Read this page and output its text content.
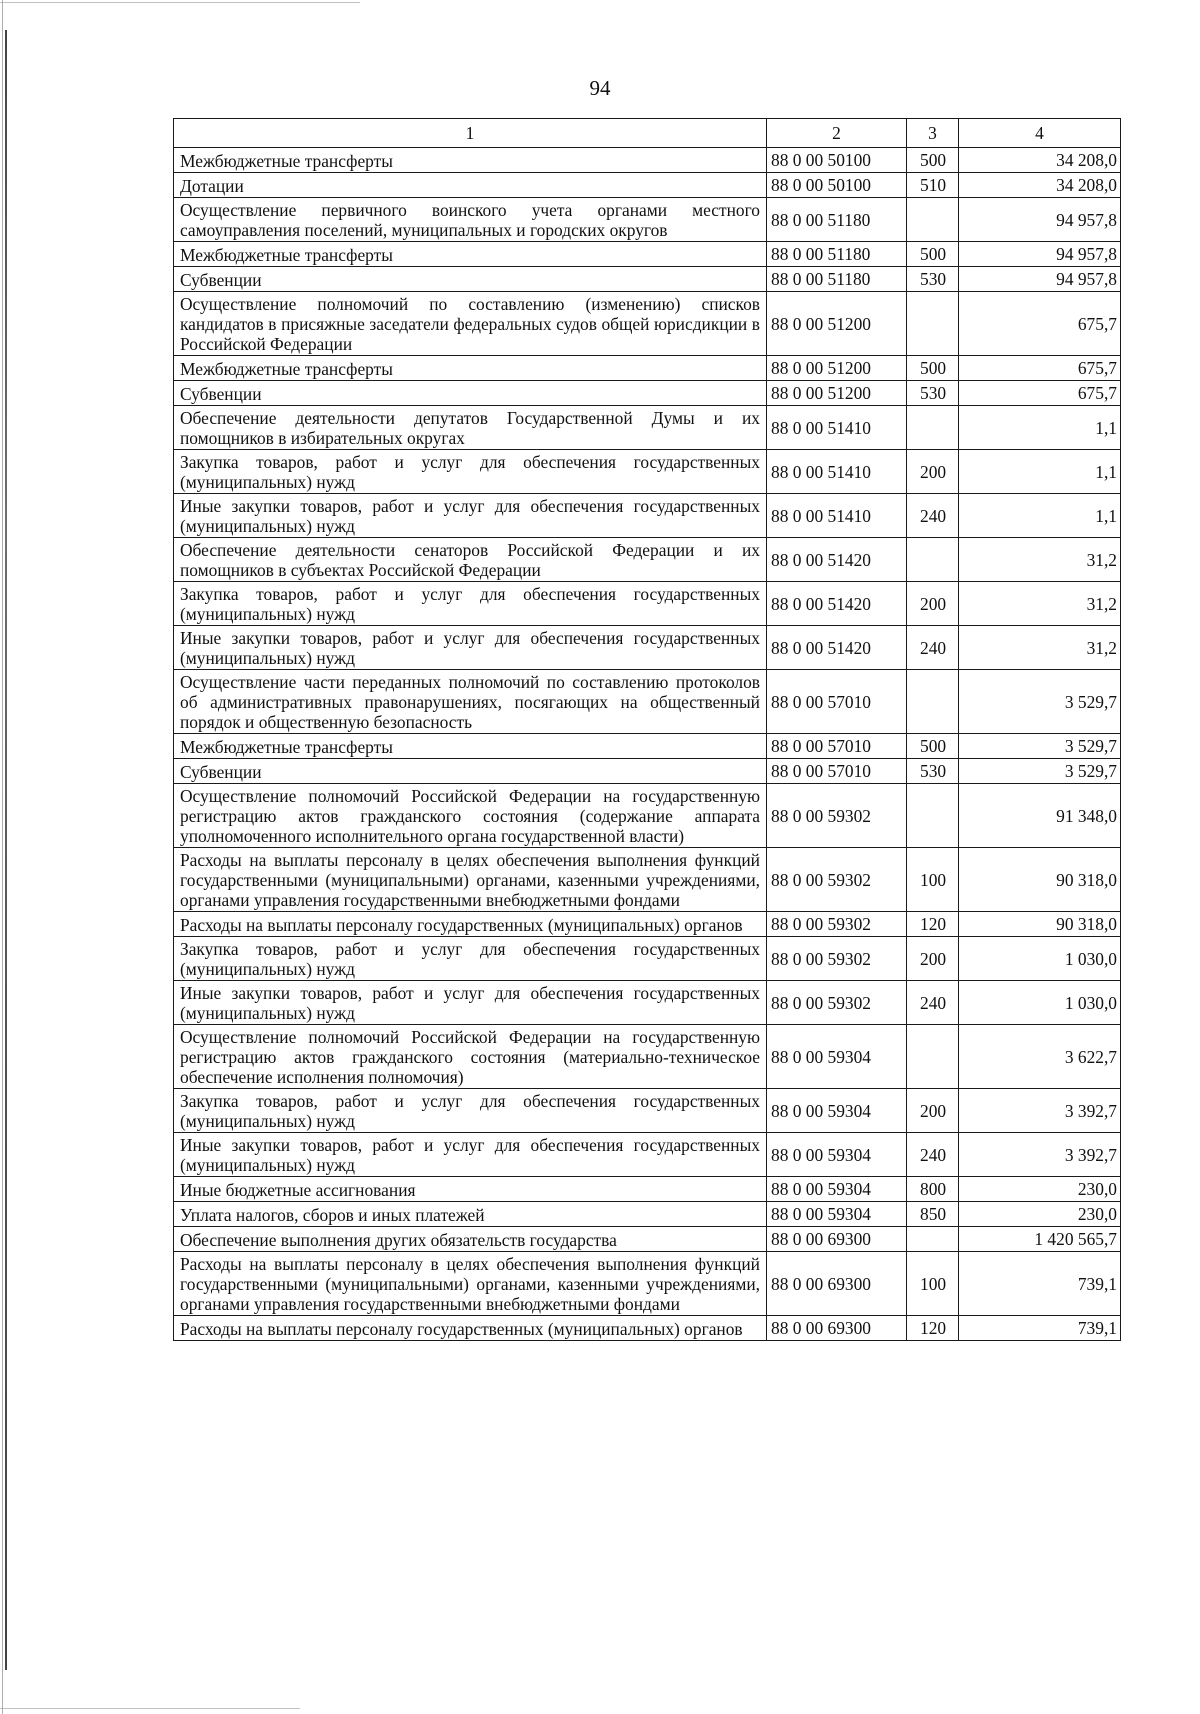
94
1	2	3	4
Межбюджетные трансферты	88 0 00 50100	500	34 208,0
Дотации	88 0 00 50100	510	34 208,0
Осуществление первичного воинского учета органами местного самоуправления поселений, муниципальных и городских округов	88 0 00 51180		94 957,8
Межбюджетные трансферты	88 0 00 51180	500	94 957,8
Субвенции	88 0 00 51180	530	94 957,8
Осуществление полномочий по составлению (изменению) списков кандидатов в присяжные заседатели федеральных судов общей юрисдикции в Российской Федерации	88 0 00 51200		675,7
Межбюджетные трансферты	88 0 00 51200	500	675,7
Субвенции	88 0 00 51200	530	675,7
Обеспечение деятельности депутатов Государственной Думы и их помощников в избирательных округах	88 0 00 51410		1,1
Закупка товаров, работ и услуг для обеспечения государственных (муниципальных) нужд	88 0 00 51410	200	1,1
Иные закупки товаров, работ и услуг для обеспечения государственных (муниципальных) нужд	88 0 00 51410	240	1,1
Обеспечение деятельности сенаторов Российской Федерации и их помощников в субъектах Российской Федерации	88 0 00 51420		31,2
Закупка товаров, работ и услуг для обеспечения государственных (муниципальных) нужд	88 0 00 51420	200	31,2
Иные закупки товаров, работ и услуг для обеспечения государственных (муниципальных) нужд	88 0 00 51420	240	31,2
Осуществление части переданных полномочий по составлению протоколов об административных правонарушениях, посягающих на общественный порядок и общественную безопасность	88 0 00 57010		3 529,7
Межбюджетные трансферты	88 0 00 57010	500	3 529,7
Субвенции	88 0 00 57010	530	3 529,7
Осуществление полномочий Российской Федерации на государственную регистрацию актов гражданского состояния (содержание аппарата уполномоченного исполнительного органа государственной власти)	88 0 00 59302		91 348,0
Расходы на выплаты персоналу в целях обеспечения выполнения функций государственными (муниципальными) органами, казенными учреждениями, органами управления государственными внебюджетными фондами	88 0 00 59302	100	90 318,0
Расходы на выплаты персоналу государственных (муниципальных) органов	88 0 00 59302	120	90 318,0
Закупка товаров, работ и услуг для обеспечения государственных (муниципальных) нужд	88 0 00 59302	200	1 030,0
Иные закупки товаров, работ и услуг для обеспечения государственных (муниципальных) нужд	88 0 00 59302	240	1 030,0
Осуществление полномочий Российской Федерации на государственную регистрацию актов гражданского состояния (материально-техническое обеспечение исполнения полномочия)	88 0 00 59304		3 622,7
Закупка товаров, работ и услуг для обеспечения государственных (муниципальных) нужд	88 0 00 59304	200	3 392,7
Иные закупки товаров, работ и услуг для обеспечения государственных (муниципальных) нужд	88 0 00 59304	240	3 392,7
Иные бюджетные ассигнования	88 0 00 59304	800	230,0
Уплата налогов, сборов и иных платежей	88 0 00 59304	850	230,0
Обеспечение выполнения других обязательств государства	88 0 00 69300		1 420 565,7
Расходы на выплаты персоналу в целях обеспечения выполнения функций государственными (муниципальными) органами, казенными учреждениями, органами управления государственными внебюджетными фондами	88 0 00 69300	100	739,1
Расходы на выплаты персоналу государственных (муниципальных) органов	88 0 00 69300	120	739,1
